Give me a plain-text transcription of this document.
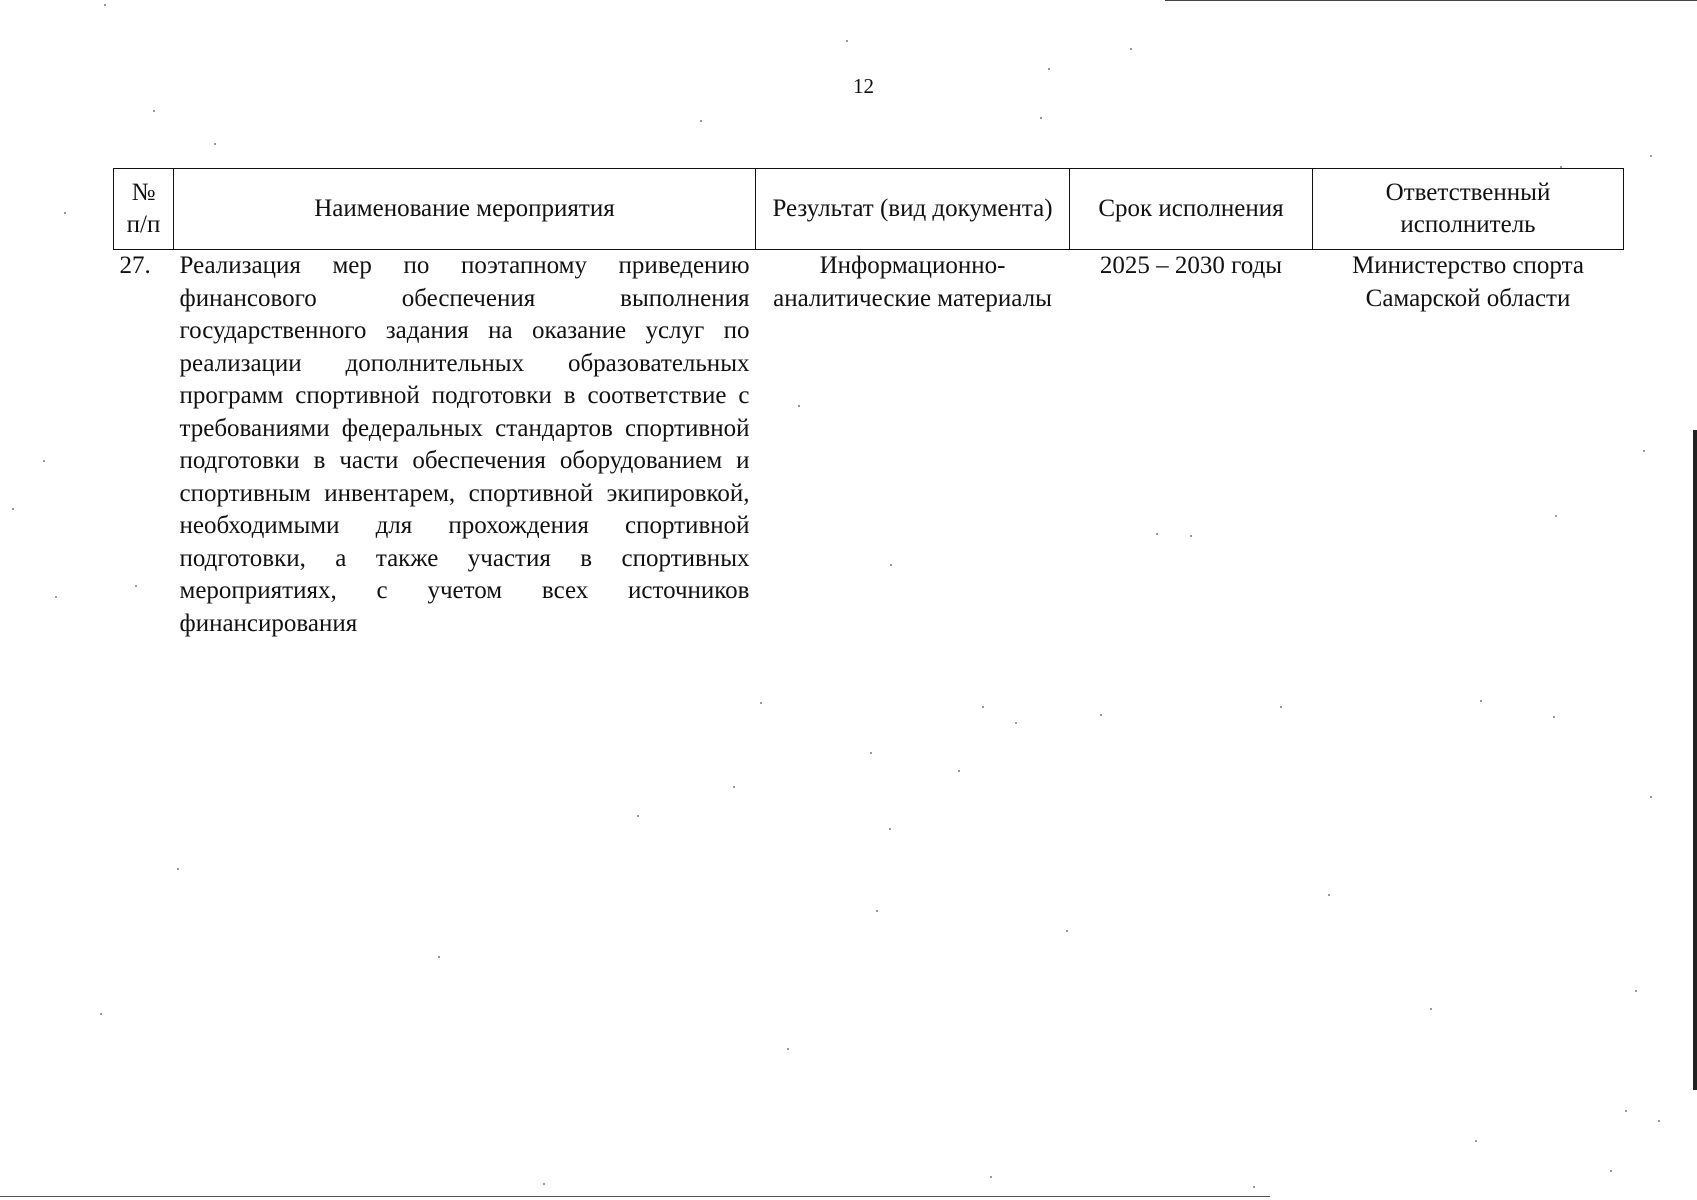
12
№ п/п	Наименование мероприятия	Результат (вид документа)	Срок исполнения	Ответственный исполнитель
27.	Реализация мер по поэтапному приведению финансового обеспечения выполнения государственного задания на оказание услуг по реализации дополнительных образовательных программ спортивной подготовки в соответствие с требованиями федеральных стандартов спортивной подготовки в части обеспечения оборудованием и спортивным инвентарем, спортивной экипировкой, необходимыми для прохождения спортивной подготовки, а также участия в спортивных мероприятиях, с учетом всех источников финансирования	Информационно-аналитические материалы	2025 – 2030 годы	Министерство спорта Самарской области
